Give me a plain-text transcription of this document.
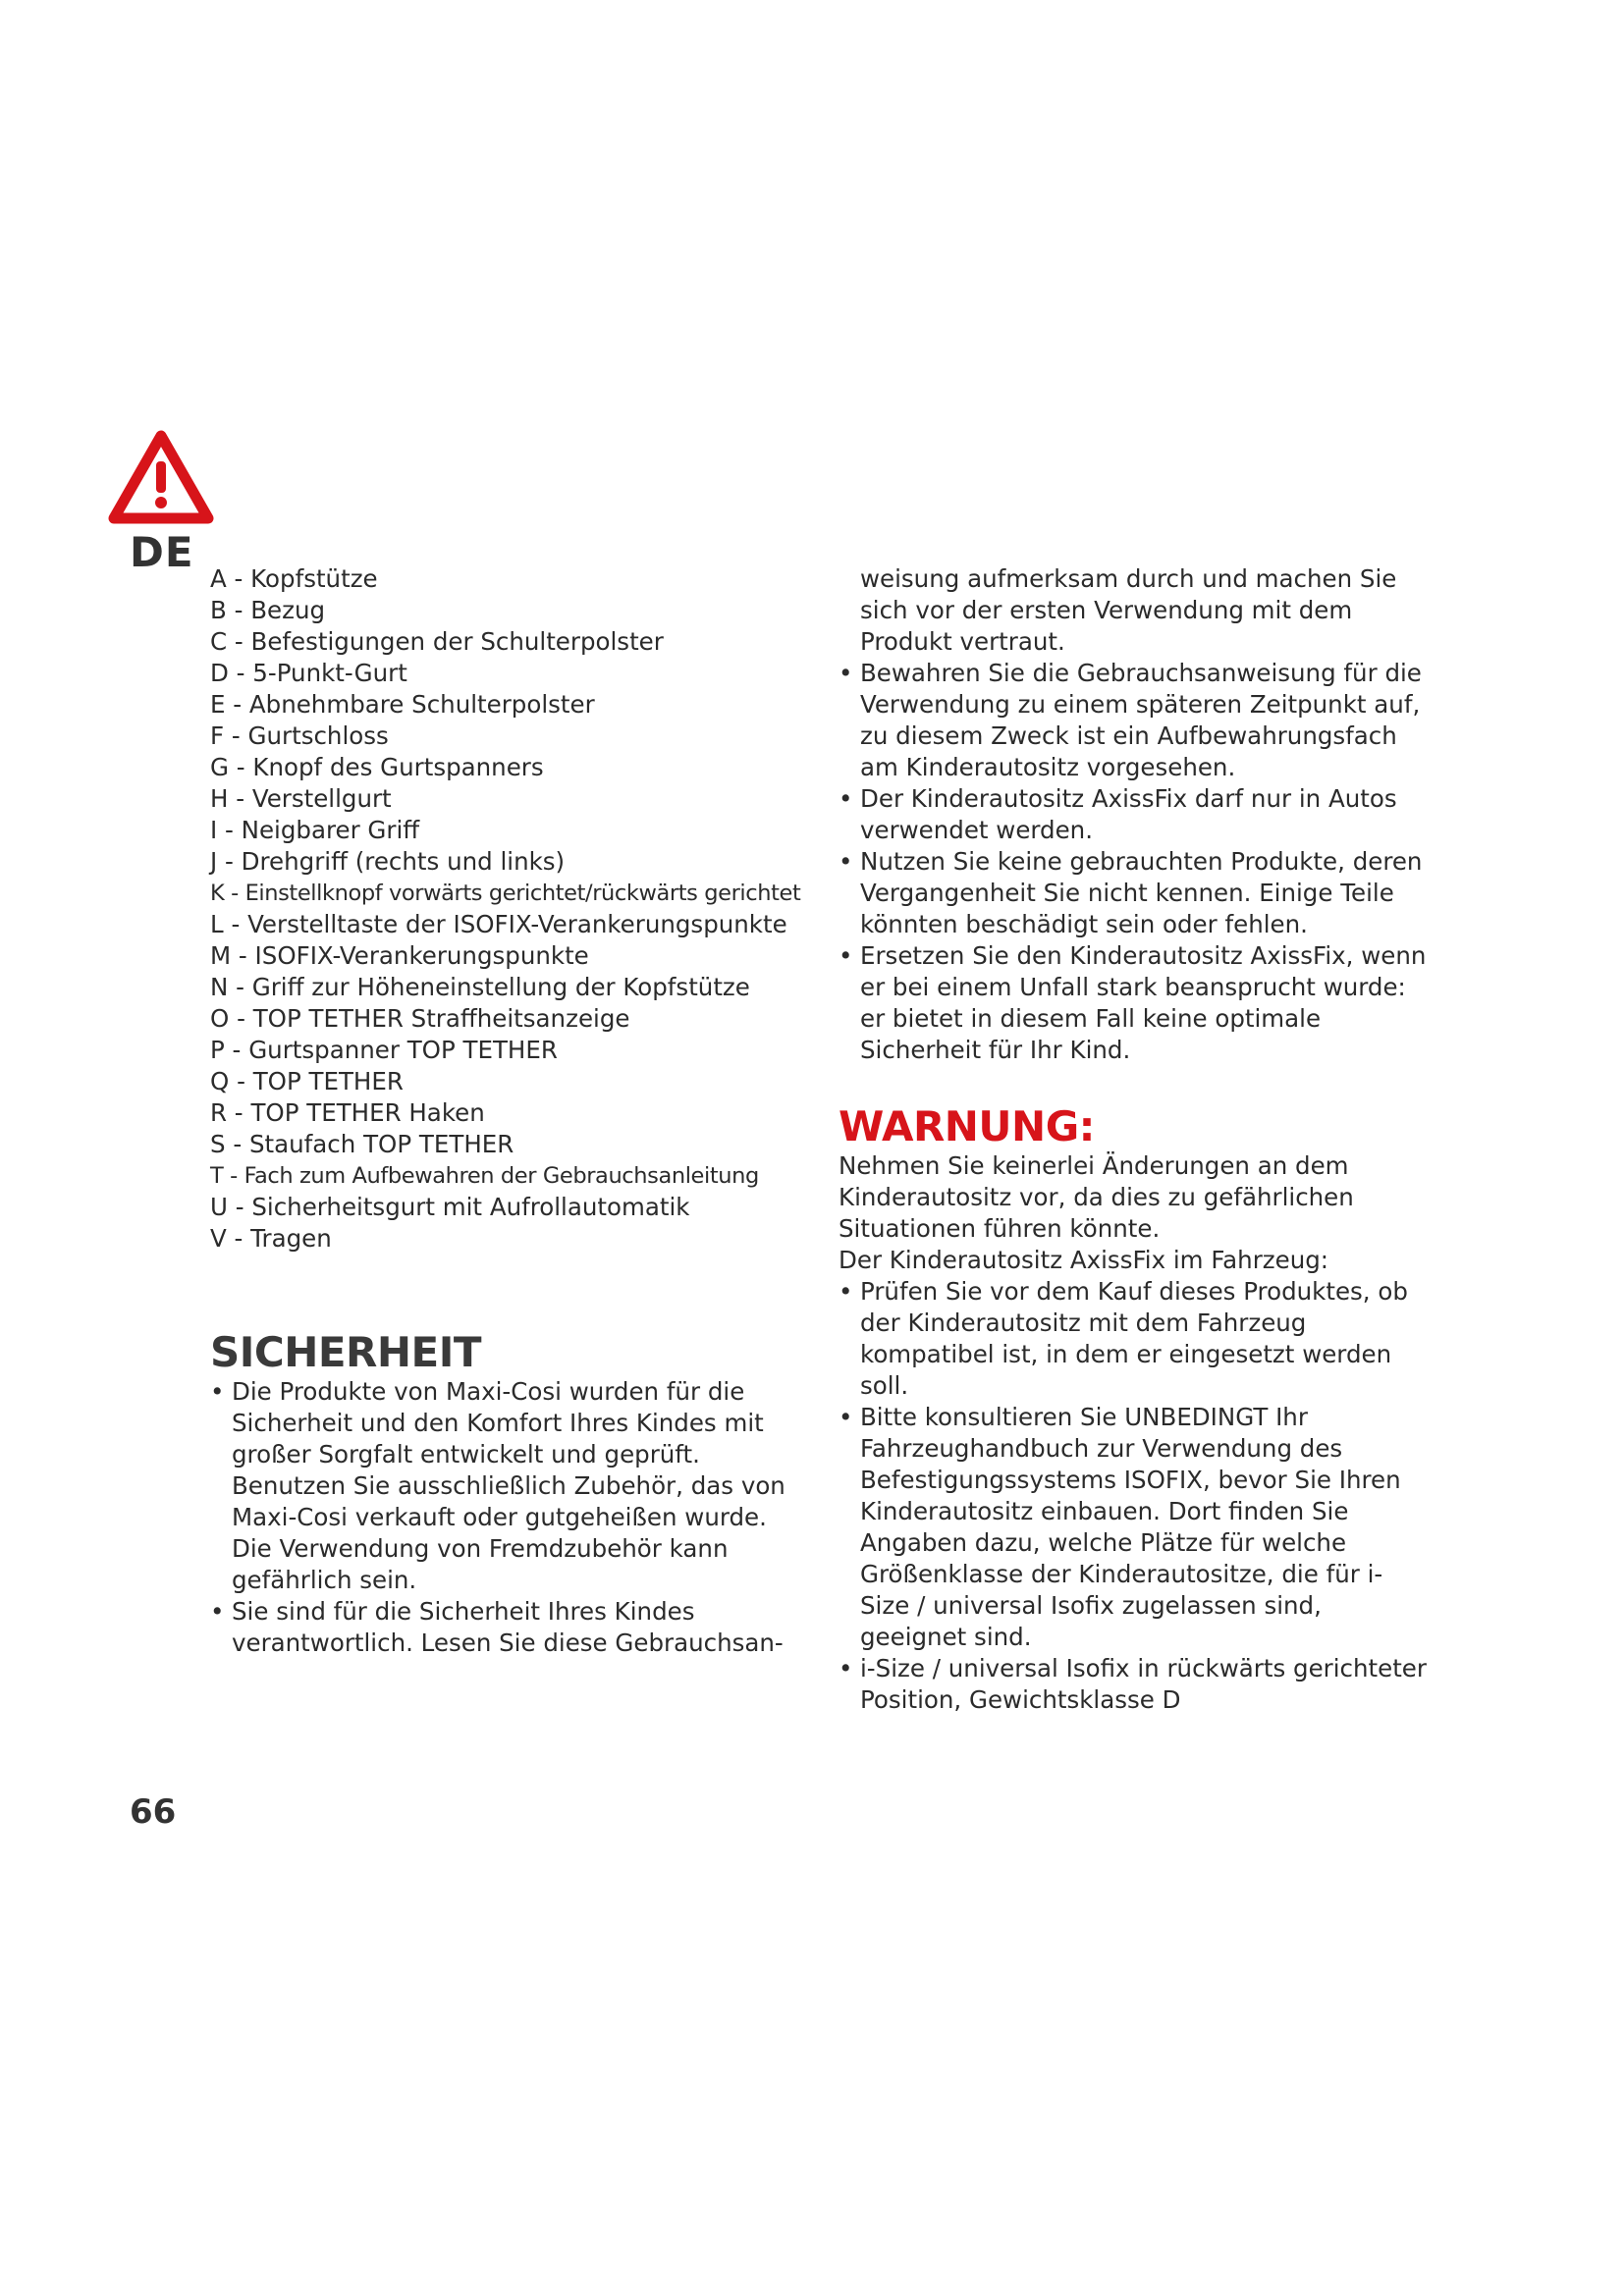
DE
A - Kopfstütze
B - Bezug
C - Befestigungen der Schulterpolster
D - 5-Punkt-Gurt
E - Abnehmbare Schulterpolster
F - Gurtschloss
G - Knopf des Gurtspanners
H - Verstellgurt
I - Neigbarer Griff
J - Drehgriff (rechts und links)
K - Einstellknopf vorwärts gerichtet/rückwärts gerichtet
L - Verstelltaste der ISOFIX-Verankerungspunkte
M - ISOFIX-Verankerungspunkte
N - Griff zur Höheneinstellung der Kopfstütze
O - TOP TETHER Straffheitsanzeige
P - Gurtspanner TOP TETHER
Q - TOP TETHER
R - TOP TETHER Haken
S - Staufach TOP TETHER
T - Fach zum Aufbewahren der Gebrauchsanleitung
U - Sicherheitsgurt mit Aufrollautomatik
V - Tragen
SICHERHEIT
• Die Produkte von Maxi-Cosi wurden für die Sicherheit und den Komfort Ihres Kindes mit großer Sorgfalt entwickelt und geprüft. Benutzen Sie ausschließlich Zubehör, das von Maxi-Cosi verkauft oder gutgeheißen wurde. Die Verwendung von Fremdzubehör kann gefährlich sein.
• Sie sind für die Sicherheit Ihres Kindes verantwortlich. Lesen Sie diese Gebrauchsan-

weisung aufmerksam durch und machen Sie sich vor der ersten Verwendung mit dem Produkt vertraut.

• Bewahren Sie die Gebrauchsanweisung für die Verwendung zu einem späteren Zeitpunkt auf, zu diesem Zweck ist ein Aufbewahrungsfach am Kinderautositz vorgesehen.
• Der Kinderautositz AxissFix darf nur in Autos verwendet werden.
• Nutzen Sie keine gebrauchten Produkte, deren Vergangenheit Sie nicht kennen. Einige Teile könnten beschädigt sein oder fehlen.
• Ersetzen Sie den Kinderautositz AxissFix, wenn er bei einem Unfall stark beansprucht wurde: er bietet in diesem Fall keine optimale Sicherheit für Ihr Kind.
WARNUNG:

Nehmen Sie keinerlei Änderungen an dem Kinderautositz vor, da dies zu gefährlichen Situationen führen könnte.

Der Kinderautositz AxissFix im Fahrzeug:

• Prüfen Sie vor dem Kauf dieses Produktes, ob der Kinderautositz mit dem Fahrzeug kompatibel ist, in dem er eingesetzt werden soll.
• Bitte konsultieren Sie UNBEDINGT Ihr Fahrzeughandbuch zur Verwendung des Befestigungssystems ISOFIX, bevor Sie Ihren Kinderautositz einbauen. Dort finden Sie Angaben dazu, welche Plätze für welche Größenklasse der Kinderautositze, die für i-Size / universal Isofix zugelassen sind, geeignet sind.
• i-Size / universal Isofix in rückwärts gerichteter Position, Gewichtsklasse D
66
